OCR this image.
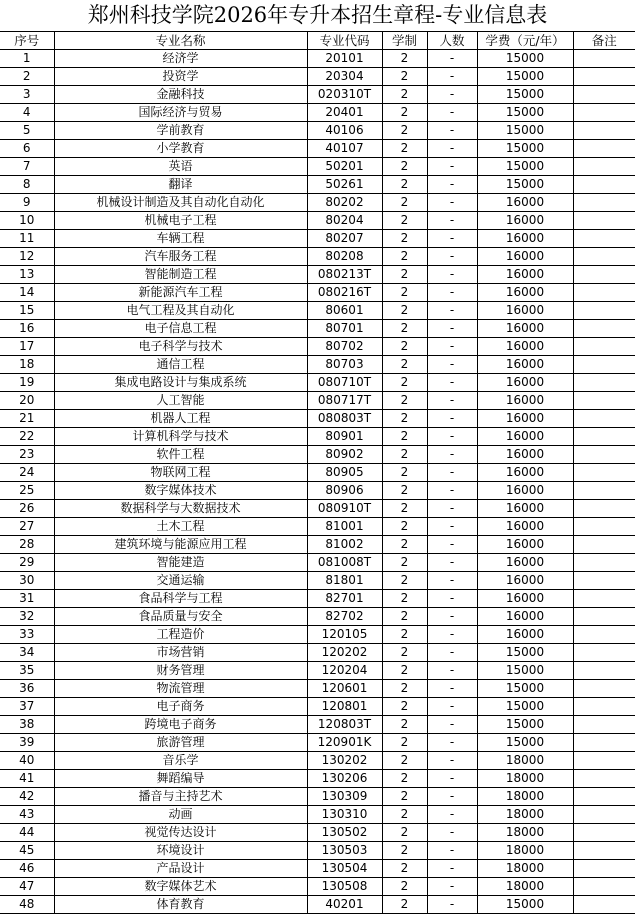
郑州科技学院2026年专升本招生章程-专业信息表
序号	专业名称	专业代码	学制	人数	学费（元/年）	备注
1	经济学	20101	2	-	15000	
2	投资学	20304	2	-	15000	
3	金融科技	020310T	2	-	15000	
4	国际经济与贸易	20401	2	-	15000	
5	学前教育	40106	2	-	15000	
6	小学教育	40107	2	-	15000	
7	英语	50201	2	-	15000	
8	翻译	50261	2	-	15000	
9	机械设计制造及其自动化自动化	80202	2	-	16000	
10	机械电子工程	80204	2	-	16000	
11	车辆工程	80207	2	-	16000	
12	汽车服务工程	80208	2	-	16000	
13	智能制造工程	080213T	2	-	16000	
14	新能源汽车工程	080216T	2	-	16000	
15	电气工程及其自动化	80601	2	-	16000	
16	电子信息工程	80701	2	-	16000	
17	电子科学与技术	80702	2	-	16000	
18	通信工程	80703	2	-	16000	
19	集成电路设计与集成系统	080710T	2	-	16000	
20	人工智能	080717T	2	-	16000	
21	机器人工程	080803T	2	-	16000	
22	计算机科学与技术	80901	2	-	16000	
23	软件工程	80902	2	-	16000	
24	物联网工程	80905	2	-	16000	
25	数字媒体技术	80906	2	-	16000	
26	数据科学与大数据技术	080910T	2	-	16000	
27	土木工程	81001	2	-	16000	
28	建筑环境与能源应用工程	81002	2	-	16000	
29	智能建造	081008T	2	-	16000	
30	交通运输	81801	2	-	16000	
31	食品科学与工程	82701	2	-	16000	
32	食品质量与安全	82702	2	-	16000	
33	工程造价	120105	2	-	16000	
34	市场营销	120202	2	-	15000	
35	财务管理	120204	2	-	15000	
36	物流管理	120601	2	-	15000	
37	电子商务	120801	2	-	15000	
38	跨境电子商务	120803T	2	-	15000	
39	旅游管理	120901K	2	-	15000	
40	音乐学	130202	2	-	18000	
41	舞蹈编导	130206	2	-	18000	
42	播音与主持艺术	130309	2	-	18000	
43	动画	130310	2	-	18000	
44	视觉传达设计	130502	2	-	18000	
45	环境设计	130503	2	-	18000	
46	产品设计	130504	2	-	18000	
47	数字媒体艺术	130508	2	-	18000	
48	体育教育	40201	2	-	15000	
